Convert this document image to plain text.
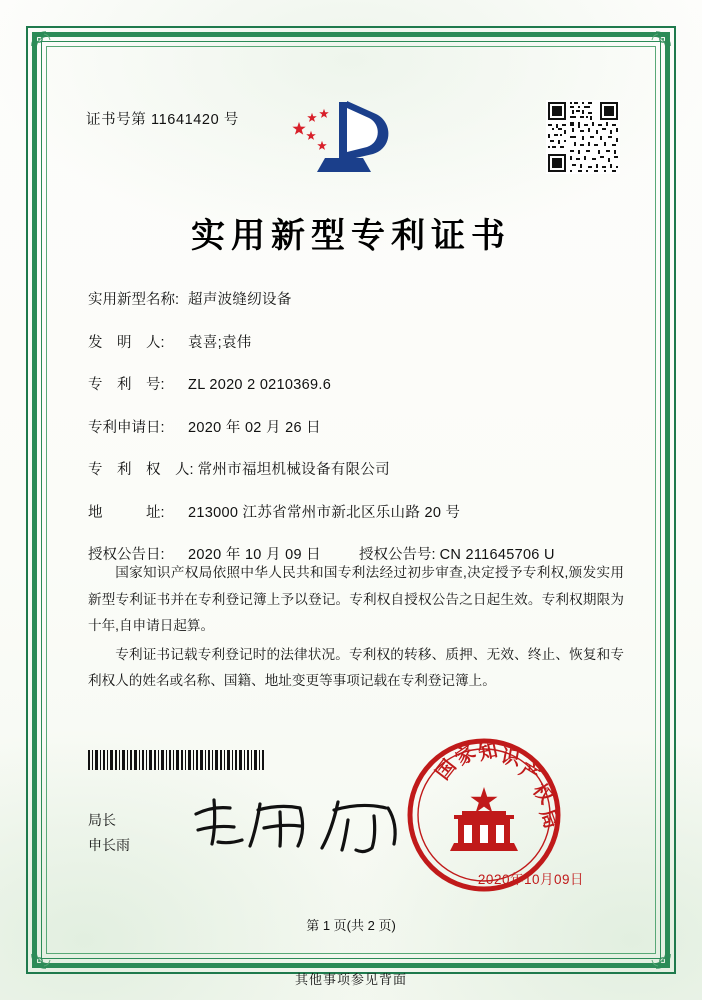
证书号第 11641420 号
实用新型专利证书
实用新型名称: 超声波缝纫设备
发　明　人: 袁喜;袁伟
专　利　号: ZL 2020 2 0210369.6
专利申请日: 2020 年 02 月 26 日
专　利　权　人: 常州市福坦机械设备有限公司
地　　　址: 213000 江苏省常州市新北区乐山路 20 号
授权公告日: 2020 年 10 月 09 日	授权公告号: CN 211645706 U

国家知识产权局依照中华人民共和国专利法经过初步审查,决定授予专利权,颁发实用新型专利证书并在专利登记簿上予以登记。专利权自授权公告之日起生效。专利权期限为十年,自申请日起算。

专利证书记载专利登记时的法律状况。专利权的转移、质押、无效、终止、恢复和专利权人的姓名或名称、国籍、地址变更等事项记载在专利登记簿上。

局长
申长雨
国
家
知 识
产
权
局
2020年10月09日
第 1 页(共 2 页)
其他事项参见背面
